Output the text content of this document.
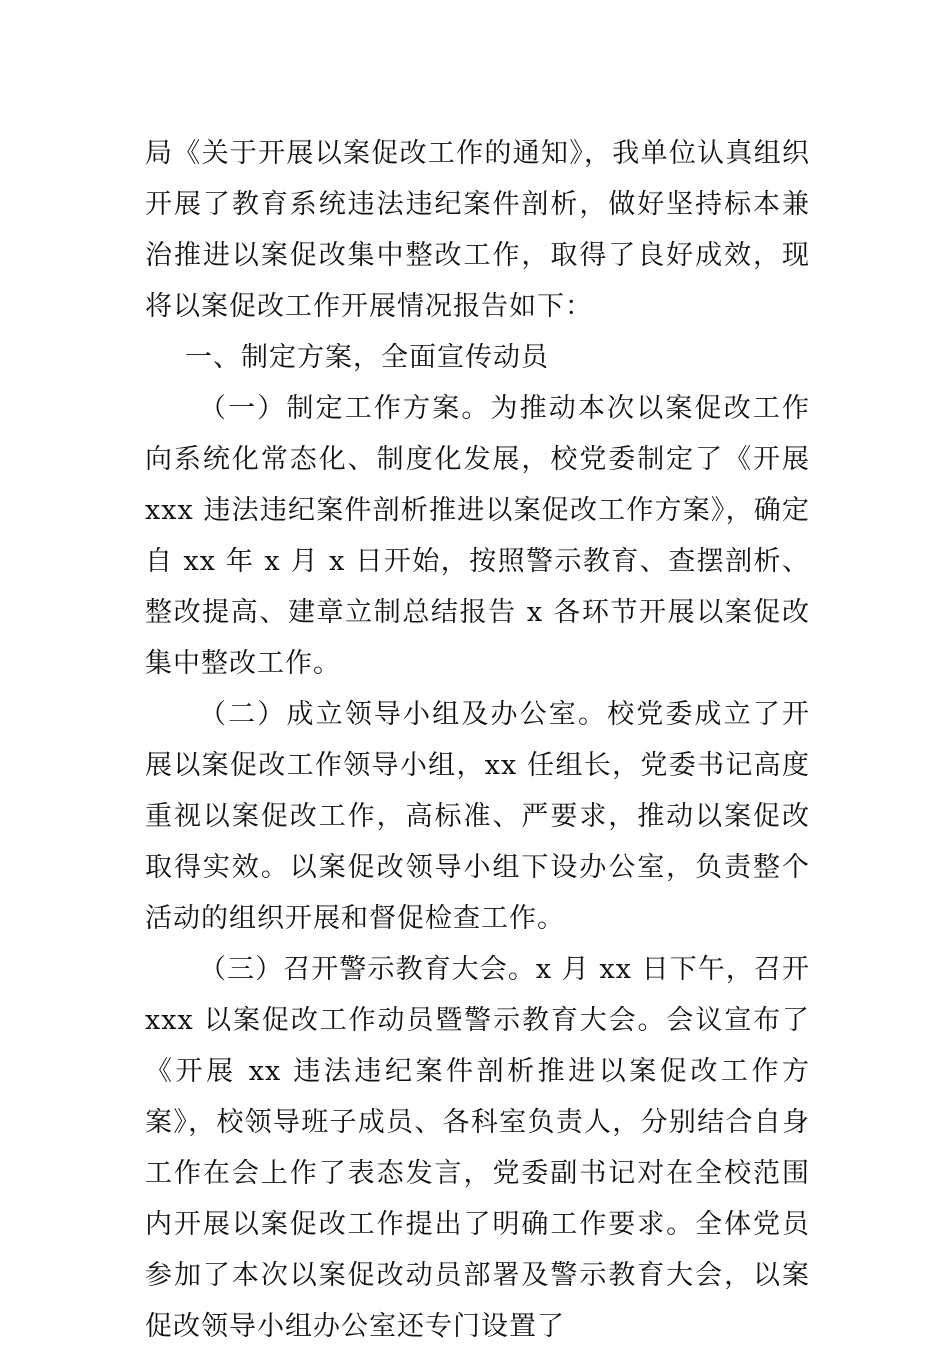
局《关于开展以案促改工作的通知》，我单位认真组织开展了教育系统违法违纪案件剖析，做好坚持标本兼治推进以案促改集中整改工作，取得了良好成效，现将以案促改工作开展情况报告如下：

一、制定方案，全面宣传动员

（一）制定工作方案。为推动本次以案促改工作向系统化常态化、制度化发展，校党委制定了《开展 xxx 违法违纪案件剖析推进以案促改工作方案》，确定自 xx 年 x 月 x 日开始，按照警示教育、查摆剖析、整改提高、建章立制总结报告 x 各环节开展以案促改集中整改工作。

（二）成立领导小组及办公室。校党委成立了开展以案促改工作领导小组，xx 任组长，党委书记高度重视以案促改工作，高标准、严要求，推动以案促改取得实效。以案促改领导小组下设办公室，负责整个活动的组织开展和督促检查工作。

（三）召开警示教育大会。x 月 xx 日下午，召开 xxx 以案促改工作动员暨警示教育大会。会议宣布了《开展 xx 违法违纪案件剖析推进以案促改工作方案》，校领导班子成员、各科室负责人，分别结合自身工作在会上作了表态发言，党委副书记对在全校范围内开展以案促改工作提出了明确工作要求。全体党员参加了本次以案促改动员部署及警示教育大会，以案促改领导小组办公室还专门设置了
